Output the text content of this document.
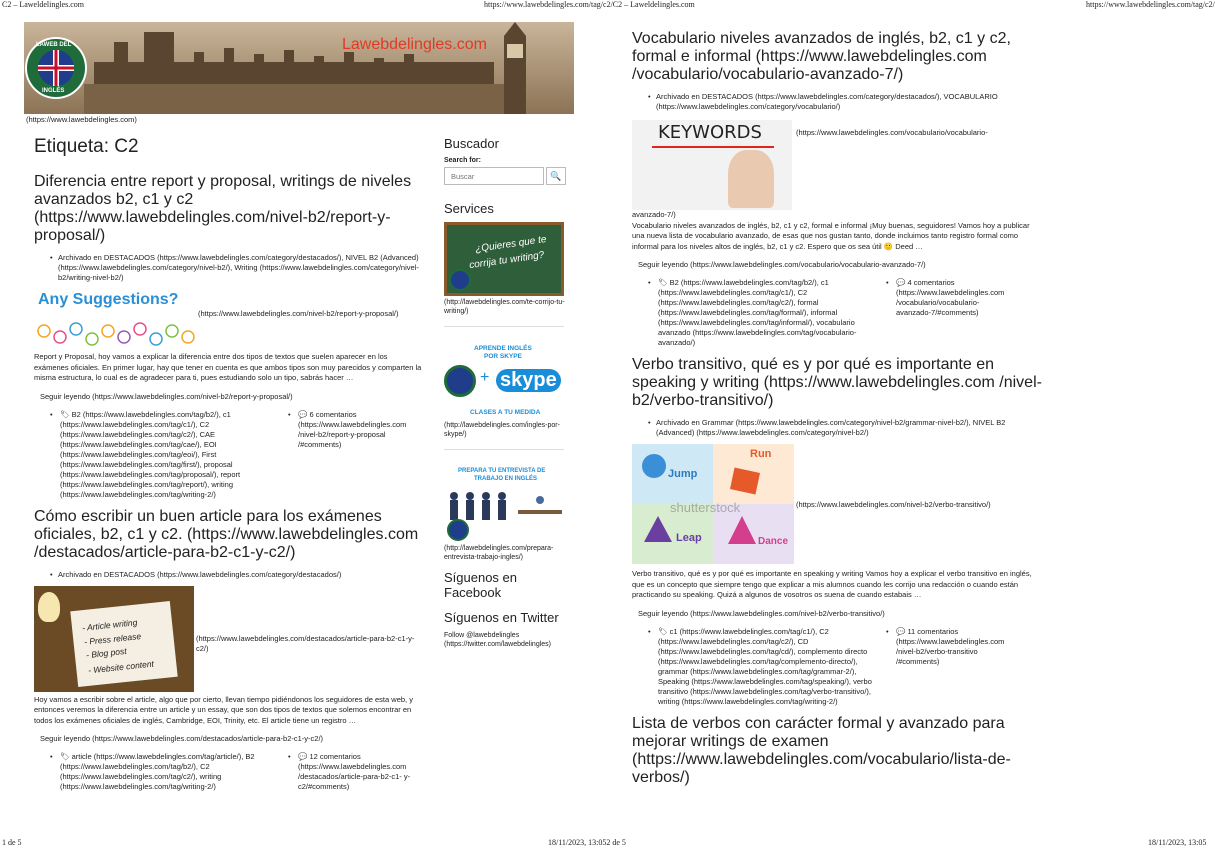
C2 – Laweldelingles.com	https://www.lawebdelingles.com/tag/c2/C2 – Laweldelingles.com	https://www.lawebdelingles.com/tag/c2/
1 de 5	18/11/2023, 13:052 de 5	18/11/2023, 13:05
LAWEB DEL
INGLÉS
Lawebdelingles.com
(https://www.lawebdelingles.com)
Etiqueta: C2
Diferencia entre report y proposal, writings de niveles avanzados b2, c1 y c2 (https://www.lawebdelingles.com/nivel-b2/report-y-proposal/)
• Archivado en DESTACADOS (https://www.lawebdelingles.com/category/destacados/), NIVEL B2 (Advanced) (https://www.lawebdelingles.com/category/nivel-b2/), Writing (https://www.lawebdelingles.com/category/nivel-b2/writing-nivel-b2/)
Any Suggestions?
(https://www.lawebdelingles.com/nivel-b2/report-y-proposal/)

Report y Proposal, hoy vamos a explicar la diferencia entre dos tipos de textos que suelen aparecer en los exámenes oficiales. En primer lugar, hay que tener en cuenta es que ambos tipos son muy parecidos y comparten la misma estructura, lo cual es de agradecer para ti, pues estudiando solo un tipo, sabrás hacer …

Seguir leyendo (https://www.lawebdelingles.com/nivel-b2/report-y-proposal/)
• 🏷 B2 (https://www.lawebdelingles.com/tag/b2/), c1 (https://www.lawebdelingles.com/tag/c1/), C2 (https://www.lawebdelingles.com/tag/c2/), CAE (https://www.lawebdelingles.com/tag/cae/), EOI (https://www.lawebdelingles.com/tag/eoi/), First (https://www.lawebdelingles.com/tag/first/), proposal (https://www.lawebdelingles.com/tag/proposal/), report (https://www.lawebdelingles.com/tag/report/), writing (https://www.lawebdelingles.com/tag/writing-2/)
• 💬 6 comentarios (https://www.lawebdelingles.com /nivel-b2/report-y-proposal /#comments)
Cómo escribir un buen article para los exámenes oficiales, b2, c1 y c2. (https://www.lawebdelingles.com /destacados/article-para-b2-c1-y-c2/)
• Archivado en DESTACADOS (https://www.lawebdelingles.com/category/destacados/)
- Article writing
- Press release
- Blog post
- Website content
(https://www.lawebdelingles.com/destacados/article-para-b2-c1-y-c2/)

Hoy vamos a escribir sobre el article, algo que por cierto, llevan tiempo pidiéndonos los seguidores de esta web, y entonces veremos la diferencia entre un article y un essay, que son dos tipos de textos que solemos encontrar en todos los exámenes oficiales de inglés, Cambridge, EOI, Trinity, etc. El article tiene un registro …

Seguir leyendo (https://www.lawebdelingles.com/destacados/article-para-b2-c1-y-c2/)
• 🏷 article (https://www.lawebdelingles.com/tag/article/), B2 (https://www.lawebdelingles.com/tag/b2/), C2 (https://www.lawebdelingles.com/tag/c2/), writing (https://www.lawebdelingles.com/tag/writing-2/)
• 💬 12 comentarios (https://www.lawebdelingles.com /destacados/article-para-b2-c1- y-c2/#comments)
Buscador
Search for:
Buscar
🔍
Services
¿Quieres que te
corrija tu writing?
(http://lawebdelingles.com/te-corrijo-tu-writing/)
APRENDE INGLÉS
POR SKYPE
+ skype
CLASES A TU MEDIDA
(http://lawebdelingles.com/ingles-por-skype/)
PREPARA TU ENTREVISTA DE
TRABAJO EN INGLÉS
(http://lawebdelingles.com/prepara-entrevista-trabajo-ingles/)
Síguenos en Facebook
Síguenos en Twitter
Follow @lawebdelingles (https://twitter.com/lawebdelingles)
Vocabulario niveles avanzados de inglés, b2, c1 y c2, formal e informal (https://www.lawebdelingles.com /vocabulario/vocabulario-avanzado-7/)
• Archivado en DESTACADOS (https://www.lawebdelingles.com/category/destacados/), VOCABULARIO (https://www.lawebdelingles.com/category/vocabulario/)
KEYWORDS	(https://www.lawebdelingles.com/vocabulario/vocabulario-
avanzado-7/)

Vocabulario niveles avanzados de inglés, b2, c1 y c2, formal e informal ¡Muy buenas, seguidores! Vamos hoy a publicar una nueva lista de vocabulario avanzado, de esas que nos gustan tanto, donde incluimos tanto registro formal como informal para los niveles altos de inglés, b2, c1 y c2. Espero que os sea útil 🙂 Deed …

Seguir leyendo (https://www.lawebdelingles.com/vocabulario/vocabulario-avanzado-7/)
• 🏷 B2 (https://www.lawebdelingles.com/tag/b2/), c1 (https://www.lawebdelingles.com/tag/c1/), C2 (https://www.lawebdelingles.com/tag/c2/), formal (https://www.lawebdelingles.com/tag/formal/), informal (https://www.lawebdelingles.com/tag/informal/), vocabulario avanzado (https://www.lawebdelingles.com/tag/vocabulario-avanzado/)
• 💬 4 comentarios (https://www.lawebdelingles.com /vocabulario/vocabulario- avanzado-7/#comments)
Verbo transitivo, qué es y por qué es importante en speaking y writing (https://www.lawebdelingles.com /nivel-b2/verbo-transitivo/)
• Archivado en Grammar (https://www.lawebdelingles.com/category/nivel-b2/grammar-nivel-b2/), NIVEL B2 (Advanced) (https://www.lawebdelingles.com/category/nivel-b2/)
Jump
Run
Leap	Dance
shutterstock	(https://www.lawebdelingles.com/nivel-b2/verbo-transitivo/)

Verbo transitivo, qué es y por qué es importante en speaking y writing Vamos hoy a explicar el verbo transitivo en inglés, que es un concepto que siempre tengo que explicar a mis alumnos cuando les corrijo una redacción o cuando están practicando su speaking. Quizá a algunos de vosotros os suena de cuando estabais …

Seguir leyendo (https://www.lawebdelingles.com/nivel-b2/verbo-transitivo/)
• 🏷 c1 (https://www.lawebdelingles.com/tag/c1/), C2 (https://www.lawebdelingles.com/tag/c2/), CD (https://www.lawebdelingles.com/tag/cd/), complemento directo (https://www.lawebdelingles.com/tag/complemento-directo/), grammar (https://www.lawebdelingles.com/tag/grammar-2/), Speaking (https://www.lawebdelingles.com/tag/speaking/), verbo transitivo (https://www.lawebdelingles.com/tag/verbo-transitivo/), writing (https://www.lawebdelingles.com/tag/writing-2/)
• 💬 11 comentarios (https://www.lawebdelingles.com /nivel-b2/verbo-transitivo /#comments)
Lista de verbos con carácter formal y avanzado para mejorar writings de examen (https://www.lawebdelingles.com/vocabulario/lista-de-verbos/)
